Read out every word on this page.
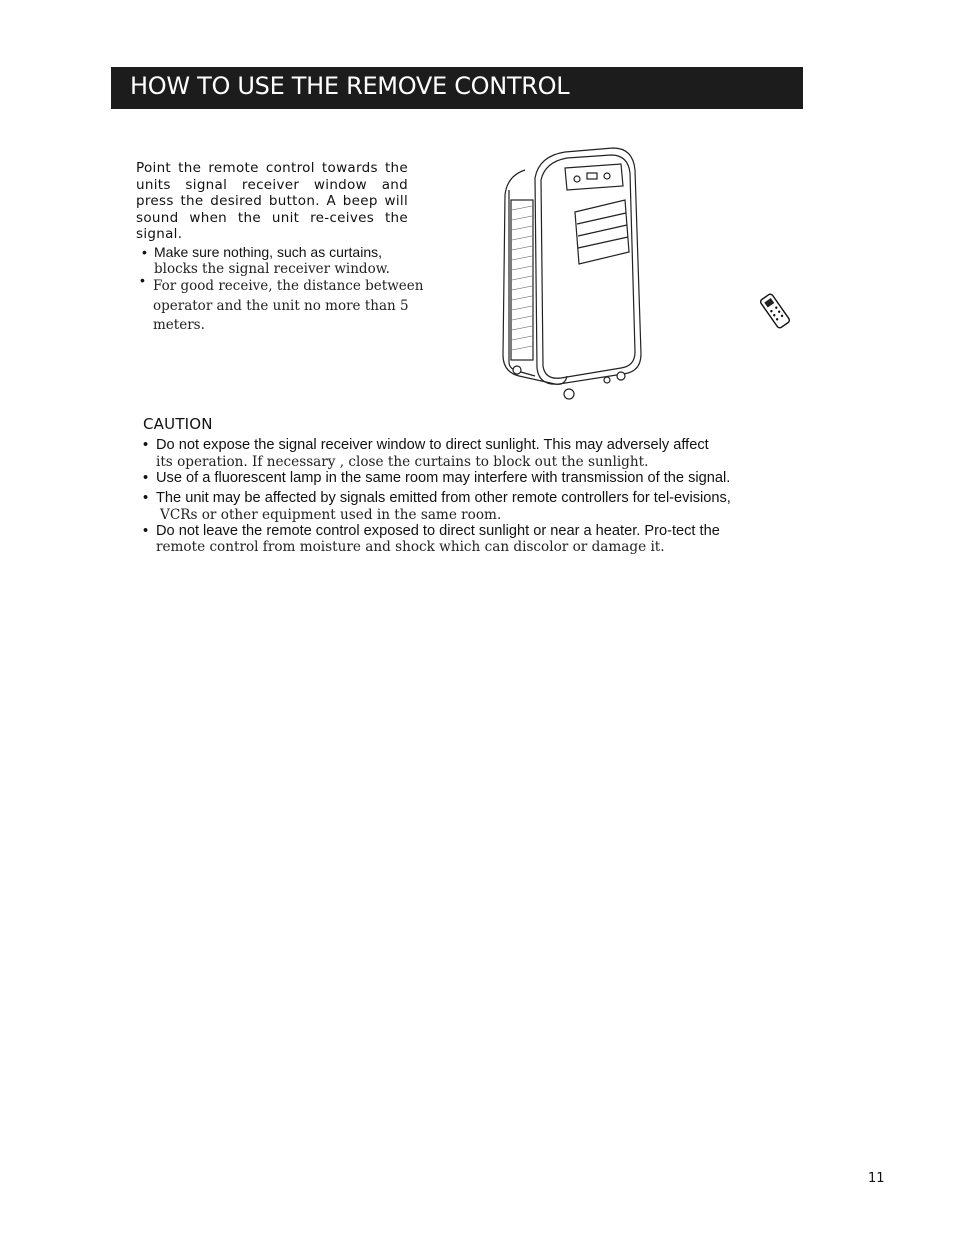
HOW TO USE THE REMOVE CONTROL
Point the remote control towards the units signal receiver window and press the desired button. A beep will sound when the unit re-ceives the signal.
• Make sure nothing, such as curtains,
blocks the signal receiver window.
• For good receive, the distance between
operator and the unit no more than 5
meters.
CAUTION
• Do not expose the signal receiver window to direct sunlight. This may adversely affect
its operation. If necessary , close the curtains to block out the sunlight.
• Use of a fluorescent lamp in the same room may interfere with transmission of the signal.
• The unit may be affected by signals emitted from other remote controllers for tel-evisions,
VCRs or other equipment used in the same room.
• Do not leave the remote control exposed to direct sunlight or near a heater. Pro-tect the
remote control from moisture and shock which can discolor or damage it.
11
